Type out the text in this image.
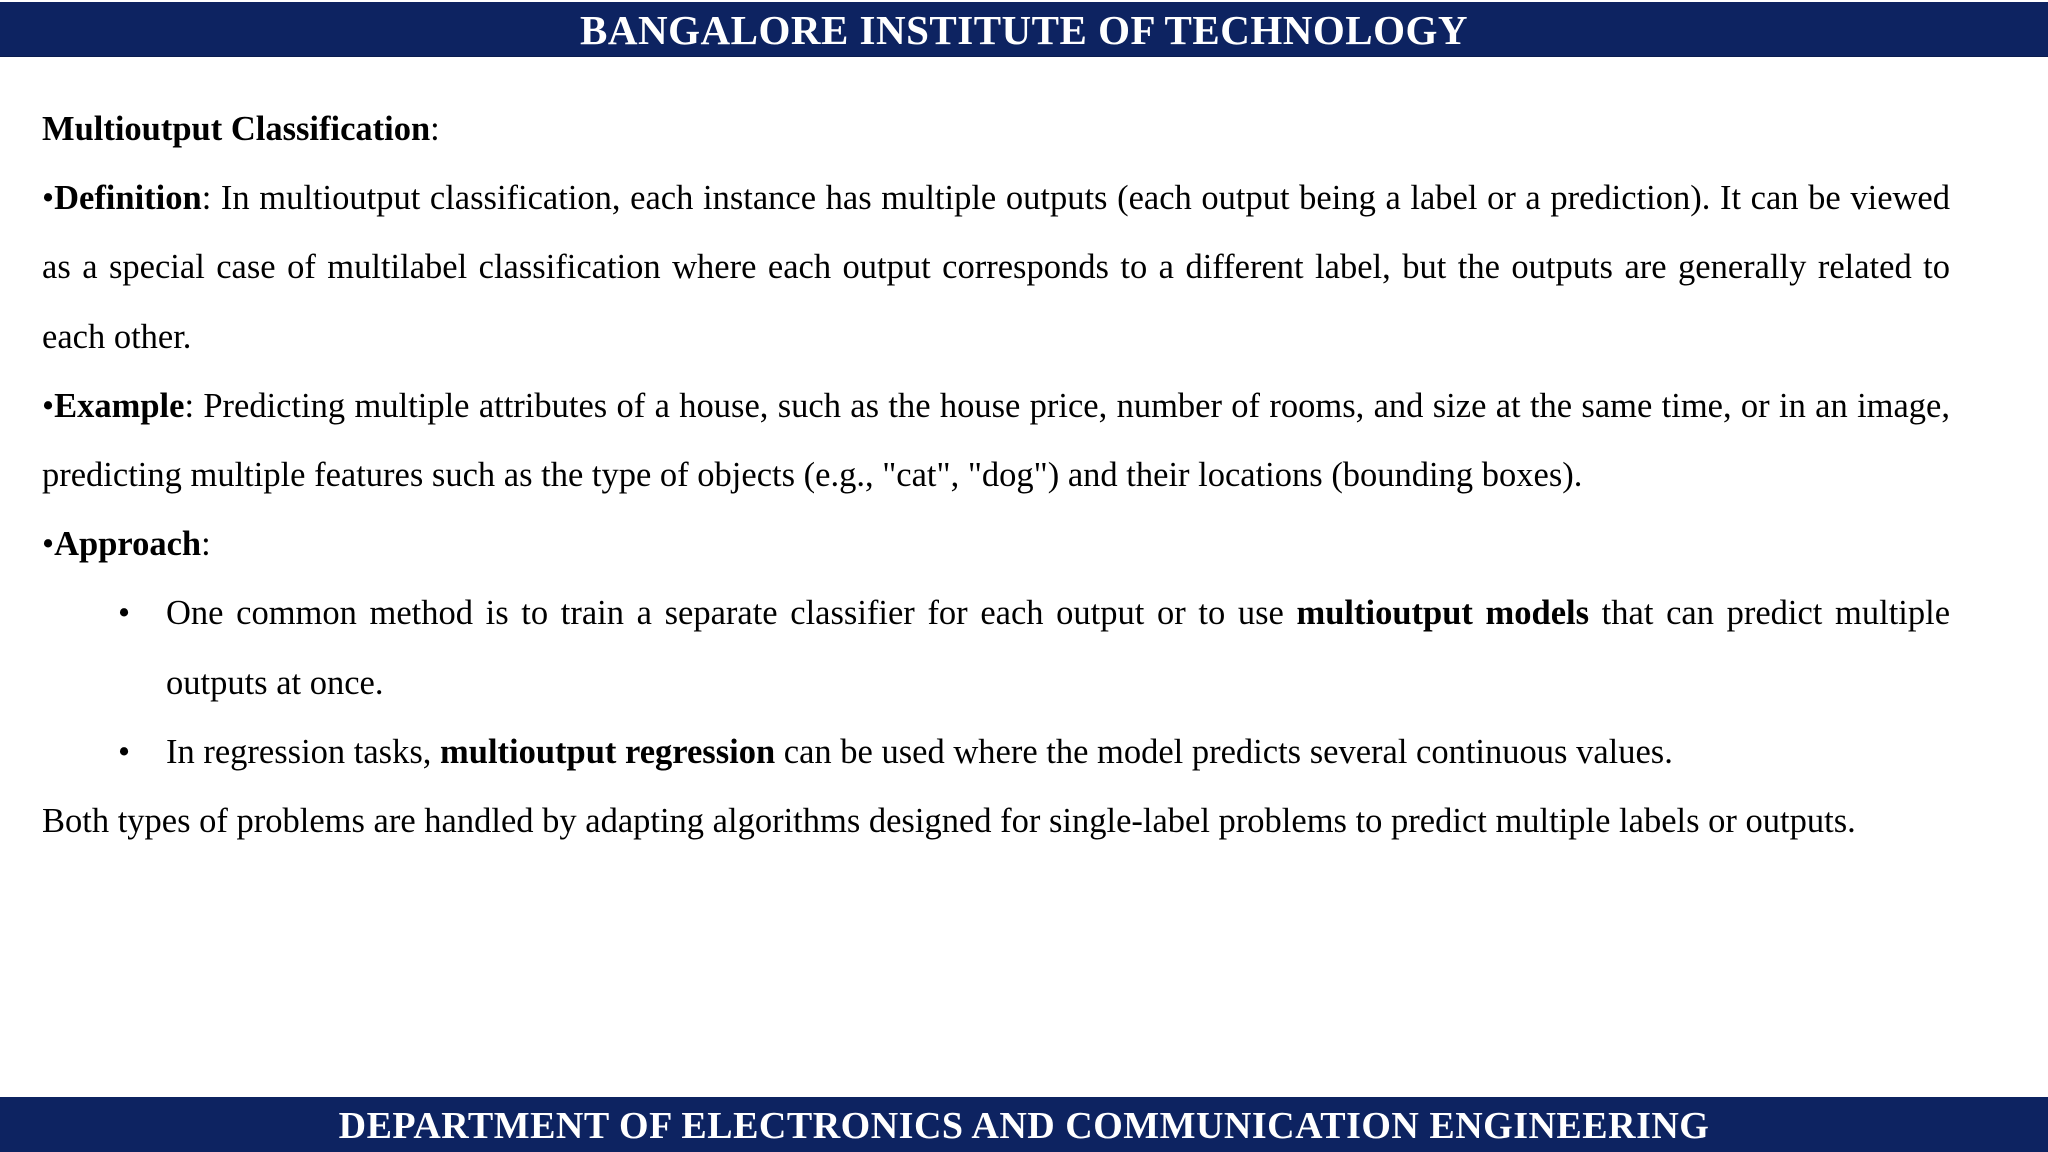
BANGALORE INSTITUTE OF TECHNOLOGY

Multioutput Classification:

•Definition: In multioutput classification, each instance has multiple outputs (each output being a label or a prediction). It can be viewed as a special case of multilabel classification where each output corresponds to a different label, but the outputs are generally related to each other.

•Example: Predicting multiple attributes of a house, such as the house price, number of rooms, and size at the same time, or in an image, predicting multiple features such as the type of objects (e.g., "cat", "dog") and their locations (bounding boxes).

•Approach:

• One common method is to train a separate classifier for each output or to use multioutput models that can predict multiple outputs at once.

• In regression tasks, multioutput regression can be used where the model predicts several continuous values.

Both types of problems are handled by adapting algorithms designed for single-label problems to predict multiple labels or outputs.

DEPARTMENT OF ELECTRONICS AND COMMUNICATION ENGINEERING
